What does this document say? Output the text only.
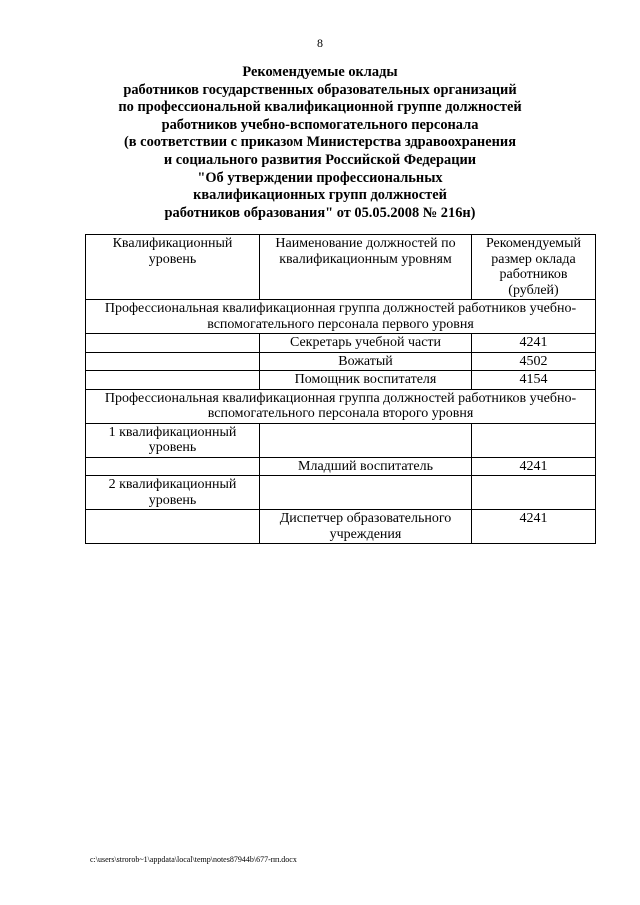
8
Рекомендуемые оклады
работников государственных образовательных организаций
по профессиональной квалификационной группе должностей
работников учебно-вспомогательного персонала
(в соответствии с приказом Министерства здравоохранения
и социального развития Российской Федерации
"Об утверждении профессиональных
квалификационных групп должностей
работников образования" от 05.05.2008 № 216н)
Квалификационный уровень	Наименование должностей по квалификационным уровням	Рекомендуемый размер оклада работников (рублей)
Профессиональная квалификационная группа должностей работников учебно-вспомогательного персонала первого уровня		
	Секретарь учебной части	4241
	Вожатый	4502
	Помощник воспитателя	4154
Профессиональная квалификационная группа должностей работников учебно-вспомогательного персонала второго уровня		
1 квалификационный уровень		
	Младший воспитатель	4241
2 квалификационный уровень		
	Диспетчер образовательного учреждения	4241
c:\users\strorob~1\appdata\local\temp\notes87944b\677-пп.docx
